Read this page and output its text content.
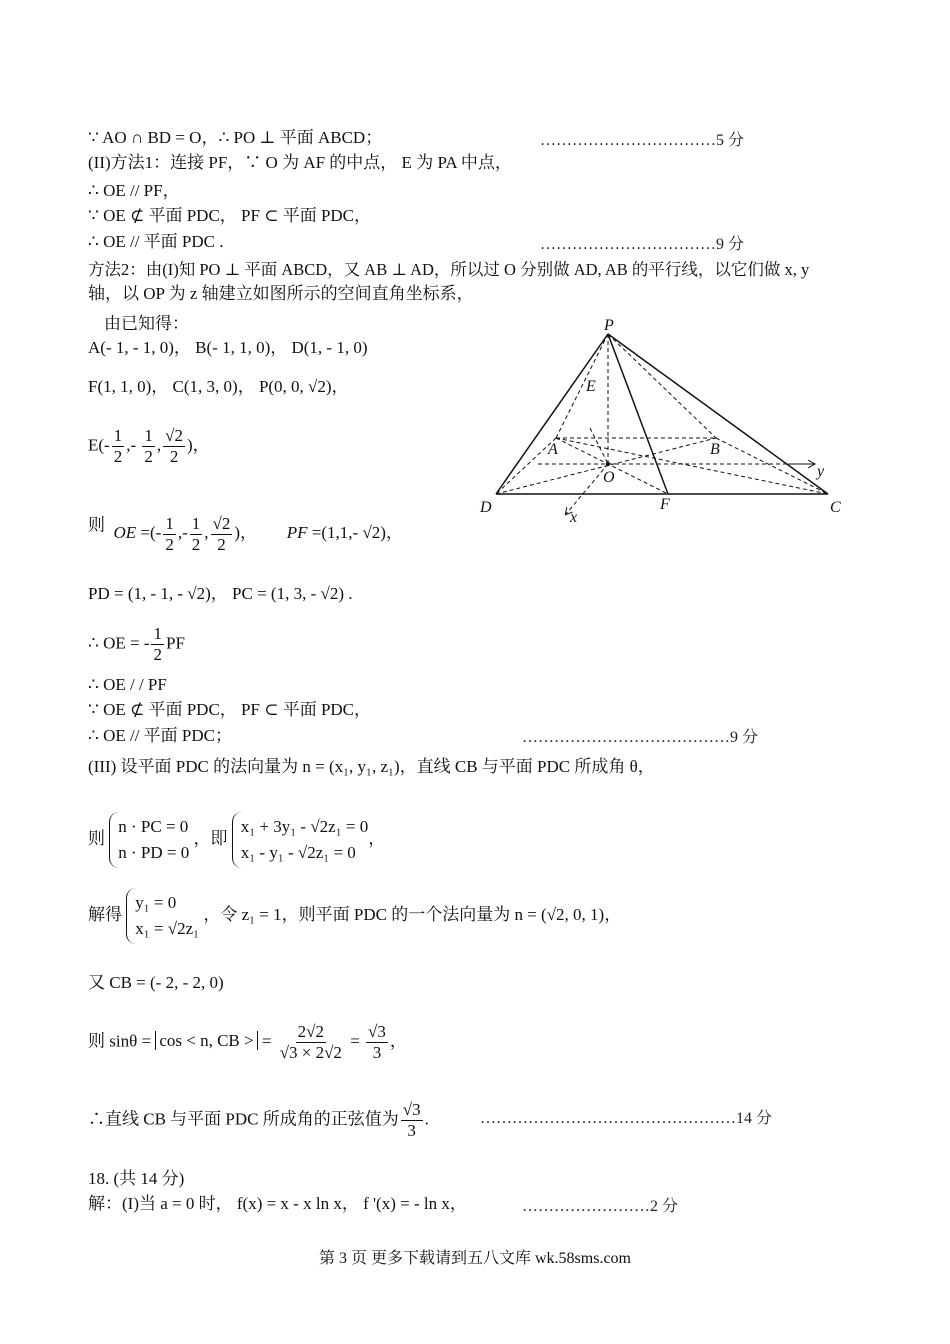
∵ AO ∩ BD = O，∴ PO ⊥ 平面 ABCD；	……………………………5 分
(II)方法1：连接 PF，∵ O 为 AF 的中点， E 为 PA 中点，
∴ OE // PF，
∵ OE ⊄ 平面 PDC， PF ⊂ 平面 PDC，
∴ OE // 平面 PDC .	……………………………9 分
方法2：由(I)知 PO ⊥ 平面 ABCD，又 AB ⊥ AD，所以过 O 分别做 AD, AB 的平行线，以它们做 x, y
轴，以 OP 为 z 轴建立如图所示的空间直角坐标系，
由已知得：
A(- 1, - 1, 0)， B(- 1, 1, 0)， D(1, - 1, 0)
F(1, 1, 0)， C(1, 3, 0)， P(0, 0, √2)，
$E(- \frac{1}{2}$ ,- $\frac{1}{2}$ , $\frac{√2}{2}$ )，
则 OE =(- $\frac{1}{2}$ ,- $\frac{1}{2}$ , $\frac{√2}{2}$ )，       PF =(1,1,- √2)，
PD = (1, - 1, - √2)， PC = (1, 3, - √2) .
∴ OE = - $\frac{1}{2}$ PF
∴ OE / / PF
∵ OE ⊄ 平面 PDC， PF ⊂ 平面 PDC，
∴ OE // 平面 PDC；	…………………………………9 分
(III) 设平面 PDC 的法向量为 n = (x₁, y₁, z₁)，直线 CB 与平面 PDC 所成角 θ，
则 n · PC = 0
n · PD = 0 ，即 x₁ + 3y₁ - √2z₁ = 0
x₁ - y₁ - √2z₁ = 0，
解得 y₁ = 0
x₁ = √2z₁ ，令 z₁ = 1，则平面 PDC 的一个法向量为 n = (√2, 0, 1)，
又 CB = (- 2, - 2, 0)
则 sinθ = cos < n, CB > = $\frac{2√2}{√3 \times 2√2} = \frac{√3}{3}$ ，
∴直线 CB 与平面 PDC 所成角的正弦值为 $\frac{√3}{3}$ .	…………………………………………14 分
18. (共 14 分)
解：(I)当 a = 0 时， f(x) = x - x ln x， f '(x) = - ln x，	……………………2 分
P
E
A	B
O
D	F	C
x
y
第 3 页 更多下载请到五八文库 wk.58sms.com
